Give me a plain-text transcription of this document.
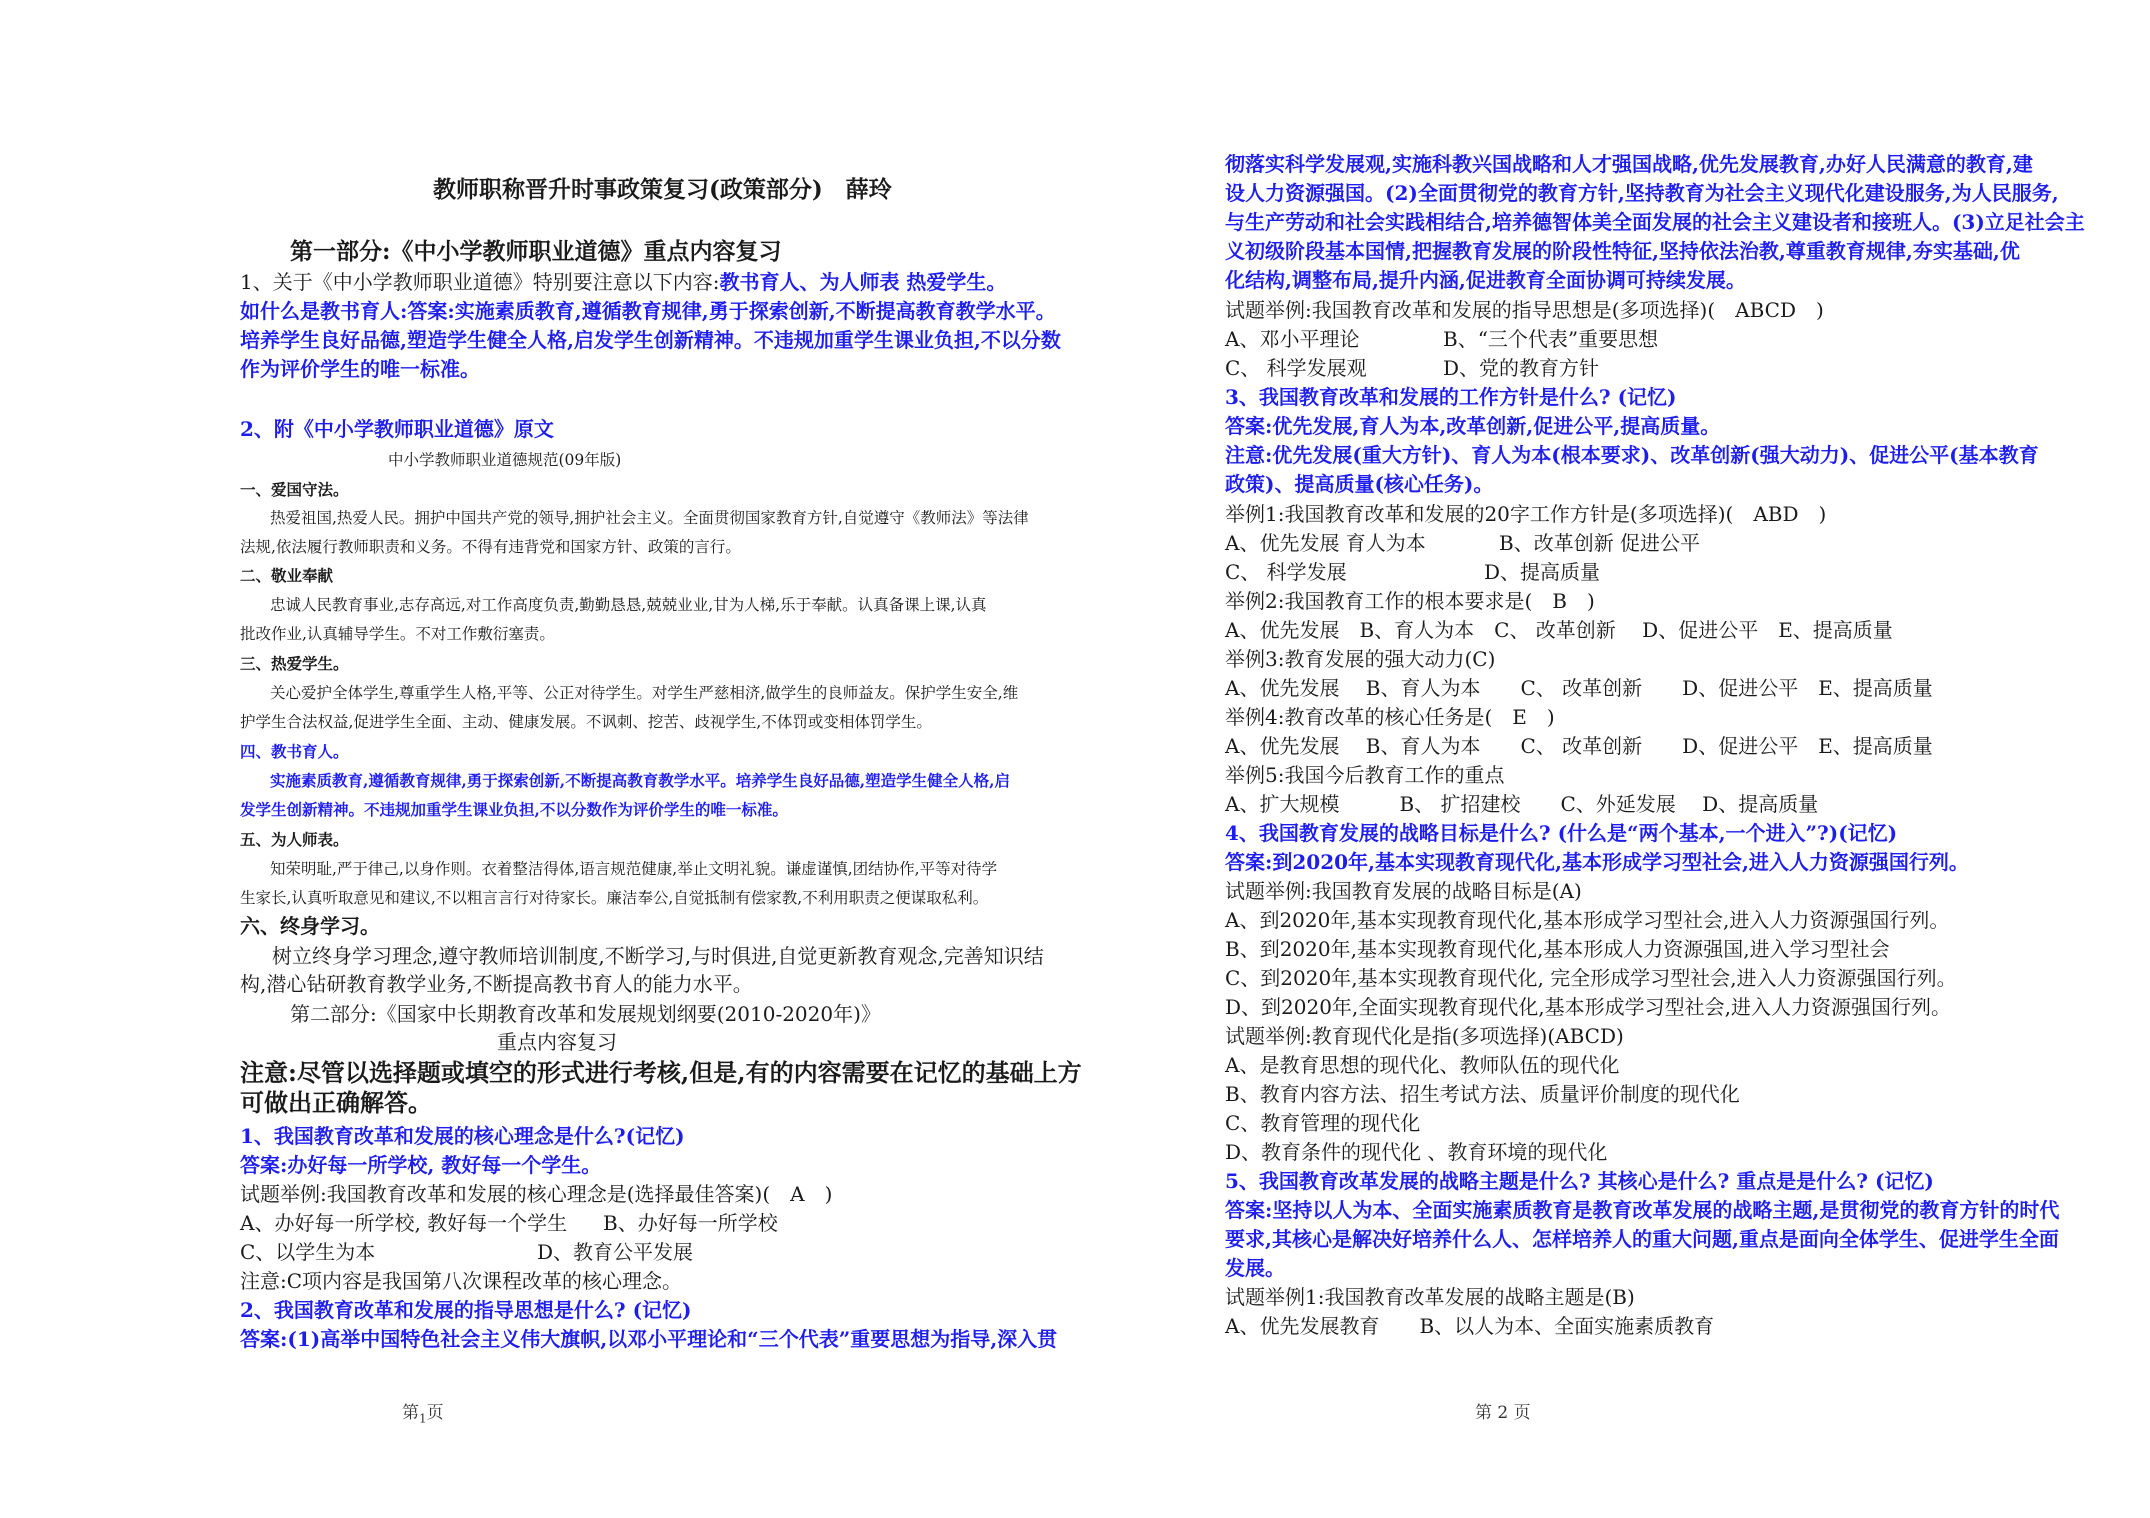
教师职称晋升时事政策复习(政策部分)　薛玲
第一部分:《中小学教师职业道德》重点内容复习
1、关于《中小学教师职业道德》特别要注意以下内容:教书育人、为人师表 热爱学生。
如什么是教书育人:答案:实施素质教育,遵循教育规律,勇于探索创新,不断提高教育教学水平。
培养学生良好品德,塑造学生健全人格,启发学生创新精神。不违规加重学生课业负担,不以分数
作为评价学生的唯一标准。
2、附《中小学教师职业道德》原文
中小学教师职业道德规范(09年版)
一、爱国守法。
热爱祖国,热爱人民。拥护中国共产党的领导,拥护社会主义。全面贯彻国家教育方针,自觉遵守《教师法》等法律
法规,依法履行教师职责和义务。不得有违背党和国家方针、政策的言行。
二、敬业奉献
忠诚人民教育事业,志存高远,对工作高度负责,勤勤恳恳,兢兢业业,甘为人梯,乐于奉献。认真备课上课,认真
批改作业,认真辅导学生。不对工作敷衍塞责。
三、热爱学生。
关心爱护全体学生,尊重学生人格,平等、公正对待学生。对学生严慈相济,做学生的良师益友。保护学生安全,维
护学生合法权益,促进学生全面、主动、健康发展。不讽刺、挖苦、歧视学生,不体罚或变相体罚学生。
四、教书育人。
实施素质教育,遵循教育规律,勇于探索创新,不断提高教育教学水平。培养学生良好品德,塑造学生健全人格,启
发学生创新精神。不违规加重学生课业负担,不以分数作为评价学生的唯一标准。
五、为人师表。
知荣明耻,严于律己,以身作则。衣着整洁得体,语言规范健康,举止文明礼貌。谦虚谨慎,团结协作,平等对待学
生家长,认真听取意见和建议,不以粗言言行对待家长。廉洁奉公,自觉抵制有偿家教,不利用职责之便谋取私利。
六、终身学习。
树立终身学习理念,遵守教师培训制度,不断学习,与时俱进,自觉更新教育观念,完善知识结
构,潜心钻研教育教学业务,不断提高教书育人的能力水平。
第二部分:《国家中长期教育改革和发展规划纲要(2010-2020年)》
重点内容复习
注意:尽管以选择题或填空的形式进行考核,但是,有的内容需要在记忆的基础上方
可做出正确解答。
1、我国教育改革和发展的核心理念是什么?(记忆)
答案:办好每一所学校, 教好每一个学生。
试题举例:我国教育改革和发展的核心理念是(选择最佳答案)(　A　)
A、办好每一所学校, 教好每一个学生 B、办好每一所学校
C、以学生为本	D、教育公平发展
注意:C项内容是我国第八次课程改革的核心理念。
2、我国教育改革和发展的指导思想是什么? (记忆)
答案:(1)高举中国特色社会主义伟大旗帜,以邓小平理论和“三个代表”重要思想为指导,深入贯
第$_1$页
彻落实科学发展观,实施科教兴国战略和人才强国战略,优先发展教育,办好人民满意的教育,建
设人力资源强国。(2)全面贯彻党的教育方针,坚持教育为社会主义现代化建设服务,为人民服务,
与生产劳动和社会实践相结合,培养德智体美全面发展的社会主义建设者和接班人。(3)立足社会主
义初级阶段基本国情,把握教育发展的阶段性特征,坚持依法治教,尊重教育规律,夯实基础,优
化结构,调整布局,提升内涵,促进教育全面协调可持续发展。
试题举例:我国教育改革和发展的指导思想是(多项选择)(　ABCD　)
A、邓小平理论	B、“三个代表”重要思想
C、 科学发展观	D、党的教育方针
3、我国教育改革和发展的工作方针是什么? (记忆)
答案:优先发展,育人为本,改革创新,促进公平,提高质量。
注意:优先发展(重大方针)、育人为本(根本要求)、改革创新(强大动力)、促进公平(基本教育
政策)、提高质量(核心任务)。
举例1:我国教育改革和发展的20字工作方针是(多项选择)(　ABD　)
A、优先发展 育人为本	B、改革创新 促进公平
C、 科学发展	D、提高质量
举例2:我国教育工作的根本要求是(　B　)
A、优先发展　B、育人为本　C、 改革创新　 D、促进公平　E、提高质量
举例3:教育发展的强大动力(C)
A、优先发展　 B、育人为本　　C、 改革创新　　D、促进公平　E、提高质量
举例4:教育改革的核心任务是(　E　)
A、优先发展　 B、育人为本　　C、 改革创新　　D、促进公平　E、提高质量
举例5:我国今后教育工作的重点
A、扩大规模　　　B、 扩招建校　　C、外延发展　 D、提高质量
4、我国教育发展的战略目标是什么? (什么是“两个基本,一个进入”?)(记忆)
答案:到2020年,基本实现教育现代化,基本形成学习型社会,进入人力资源强国行列。
试题举例:我国教育发展的战略目标是(A)
A、到2020年,基本实现教育现代化,基本形成学习型社会,进入人力资源强国行列。
B、到2020年,基本实现教育现代化,基本形成人力资源强国,进入学习型社会
C、到2020年,基本实现教育现代化, 完全形成学习型社会,进入人力资源强国行列。
D、到2020年,全面实现教育现代化,基本形成学习型社会,进入人力资源强国行列。
试题举例:教育现代化是指(多项选择)(ABCD)
A、是教育思想的现代化、教师队伍的现代化
B、教育内容方法、招生考试方法、质量评价制度的现代化
C、教育管理的现代化
D、教育条件的现代化 、教育环境的现代化
5、我国教育改革发展的战略主题是什么? 其核心是什么? 重点是是什么? (记忆)
答案:坚持以人为本、全面实施素质教育是教育改革发展的战略主题,是贯彻党的教育方针的时代
要求,其核心是解决好培养什么人、怎样培养人的重大问题,重点是面向全体学生、促进学生全面
发展。
试题举例1:我国教育改革发展的战略主题是(B)
A、优先发展教育　　B、以人为本、全面实施素质教育
第 2 页
